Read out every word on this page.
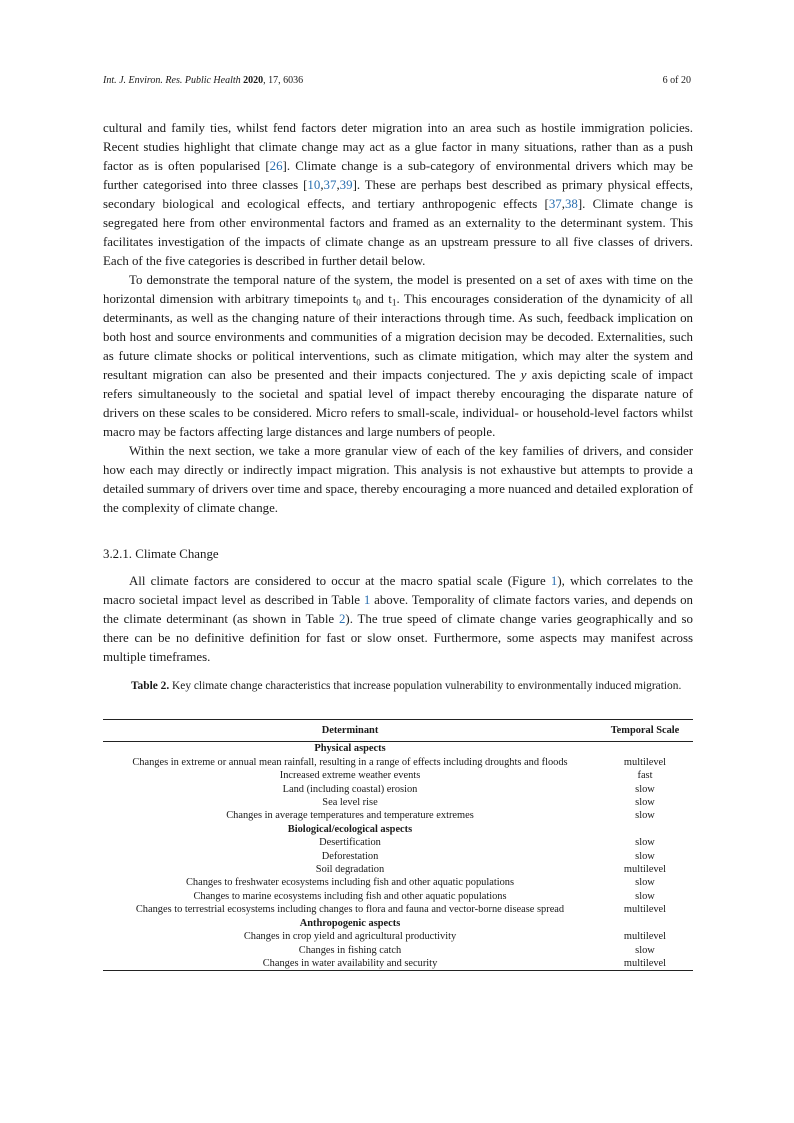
Int. J. Environ. Res. Public Health 2020, 17, 6036	6 of 20

cultural and family ties, whilst fend factors deter migration into an area such as hostile immigration policies. Recent studies highlight that climate change may act as a glue factor in many situations, rather than as a push factor as is often popularised [26]. Climate change is a sub-category of environmental drivers which may be further categorised into three classes [10,37,39]. These are perhaps best described as primary physical effects, secondary biological and ecological effects, and tertiary anthropogenic effects [37,38]. Climate change is segregated here from other environmental factors and framed as an externality to the determinant system. This facilitates investigation of the impacts of climate change as an upstream pressure to all five classes of drivers. Each of the five categories is described in further detail below.

To demonstrate the temporal nature of the system, the model is presented on a set of axes with time on the horizontal dimension with arbitrary timepoints $t_0$ and $t_1$. This encourages consideration of the dynamicity of all determinants, as well as the changing nature of their interactions through time. As such, feedback implication on both host and source environments and communities of a migration decision may be decoded. Externalities, such as future climate shocks or political interventions, such as climate mitigation, which may alter the system and resultant migration can also be presented and their impacts conjectured. The y axis depicting scale of impact refers simultaneously to the societal and spatial level of impact thereby encouraging the disparate nature of drivers on these scales to be considered. Micro refers to small-scale, individual- or household-level factors whilst macro may be factors affecting large distances and large numbers of people.

Within the next section, we take a more granular view of each of the key families of drivers, and consider how each may directly or indirectly impact migration. This analysis is not exhaustive but attempts to provide a detailed summary of drivers over time and space, thereby encouraging a more nuanced and detailed exploration of the complexity of climate change.

3.2.1. Climate Change

All climate factors are considered to occur at the macro spatial scale (Figure 1), which correlates to the macro societal impact level as described in Table 1 above. Temporality of climate factors varies, and depends on the climate determinant (as shown in Table 2). The true speed of climate change varies geographically and so there can be no definitive definition for fast or slow onset. Furthermore, some aspects may manifest across multiple timeframes.

Table 2. Key climate change characteristics that increase population vulnerability to environmentally induced migration.
Determinant	Temporal Scale
Physical aspects	
Changes in extreme or annual mean rainfall, resulting in a range of effects including droughts and floods	multilevel
Increased extreme weather events	fast
Land (including coastal) erosion	slow
Sea level rise	slow
Changes in average temperatures and temperature extremes	slow
Biological/ecological aspects	
Desertification	slow
Deforestation	slow
Soil degradation	multilevel
Changes to freshwater ecosystems including fish and other aquatic populations	slow
Changes to marine ecosystems including fish and other aquatic populations	slow
Changes to terrestrial ecosystems including changes to flora and fauna and vector-borne disease spread	multilevel
Anthropogenic aspects	
Changes in crop yield and agricultural productivity	multilevel
Changes in fishing catch	slow
Changes in water availability and security	multilevel
